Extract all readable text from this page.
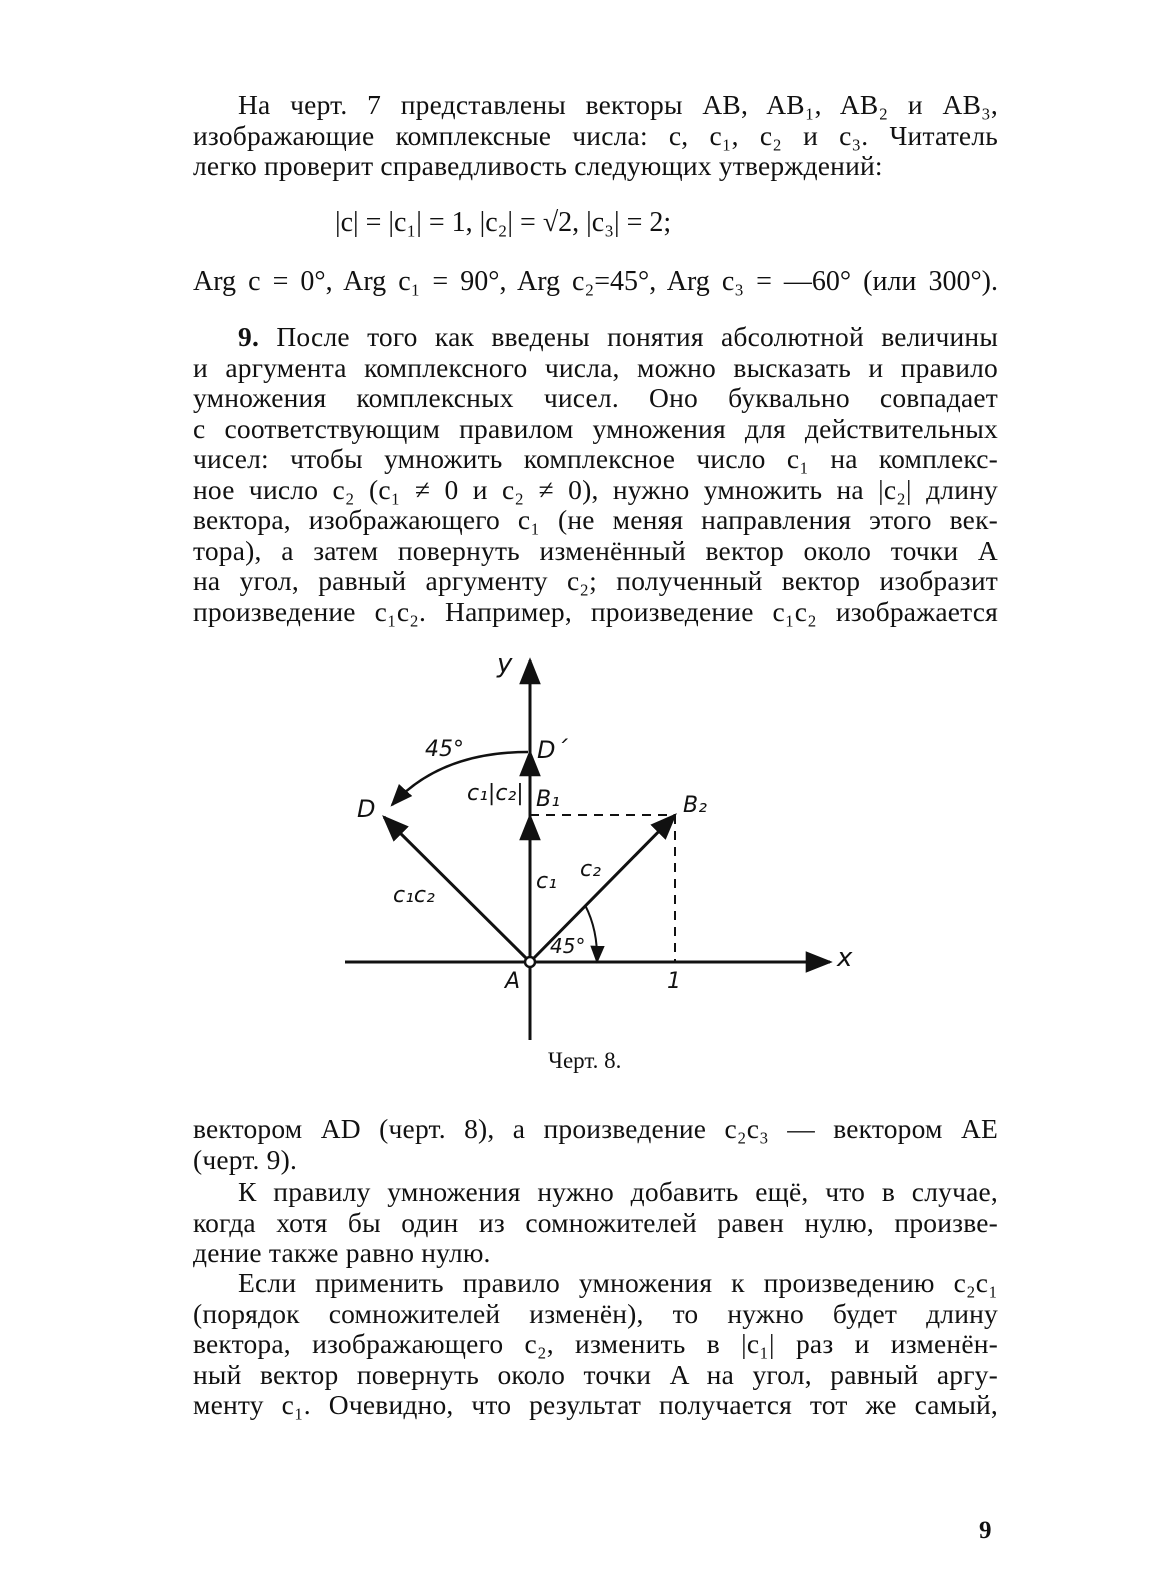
На черт. 7 представлены векторы AB, AB₁, AB₂ и AB₃,
изображающие комплексные числа: c, c₁, c₂ и c₃. Читатель
легко проверит справедливость следующих утверждений:
|c| = |c₁| = 1, |c₂| = √2, |c₃| = 2;
Arg c = 0°, Arg c₁ = 90°, Arg c₂=45°, Arg c₃ = —60° (или 300°).
9. После того как введены понятия абсолютной величины
и аргумента комплексного числа, можно высказать и правило
умножения комплексных чисел. Оно буквально совпадает
с соответствующим правилом умножения для действительных
чисел: чтобы умножить комплексное число c₁ на комплекс-
ное число c₂ (c₁ ≠ 0 и c₂ ≠ 0), нужно умножить на |c₂| длину
вектора, изображающего c₁ (не меняя направления этого век-
тора), а затем повернуть изменённый вектор около точки A
на угол, равный аргументу c₂; полученный вектор изобразит
произведение c₁c₂. Например, произведение c₁c₂ изображается
y
x
45°	D´
D	B₁	B₂
A	1
c₁|c₂|
c₁ c₂
c₁c₂
45°
Черт. 8.
вектором AD (черт. 8), а произведение c₂c₃ — вектором AE
(черт. 9).
К правилу умножения нужно добавить ещё, что в случае,
когда хотя бы один из сомножителей равен нулю, произве-
дение также равно нулю.
Если применить правило умножения к произведению c₂c₁
(порядок сомножителей изменён), то нужно будет длину
вектора, изображающего c₂, изменить в |c₁| раз и изменён-
ный вектор повернуть около точки A на угол, равный аргу-
менту c₁. Очевидно, что результат получается тот же самый,
9
